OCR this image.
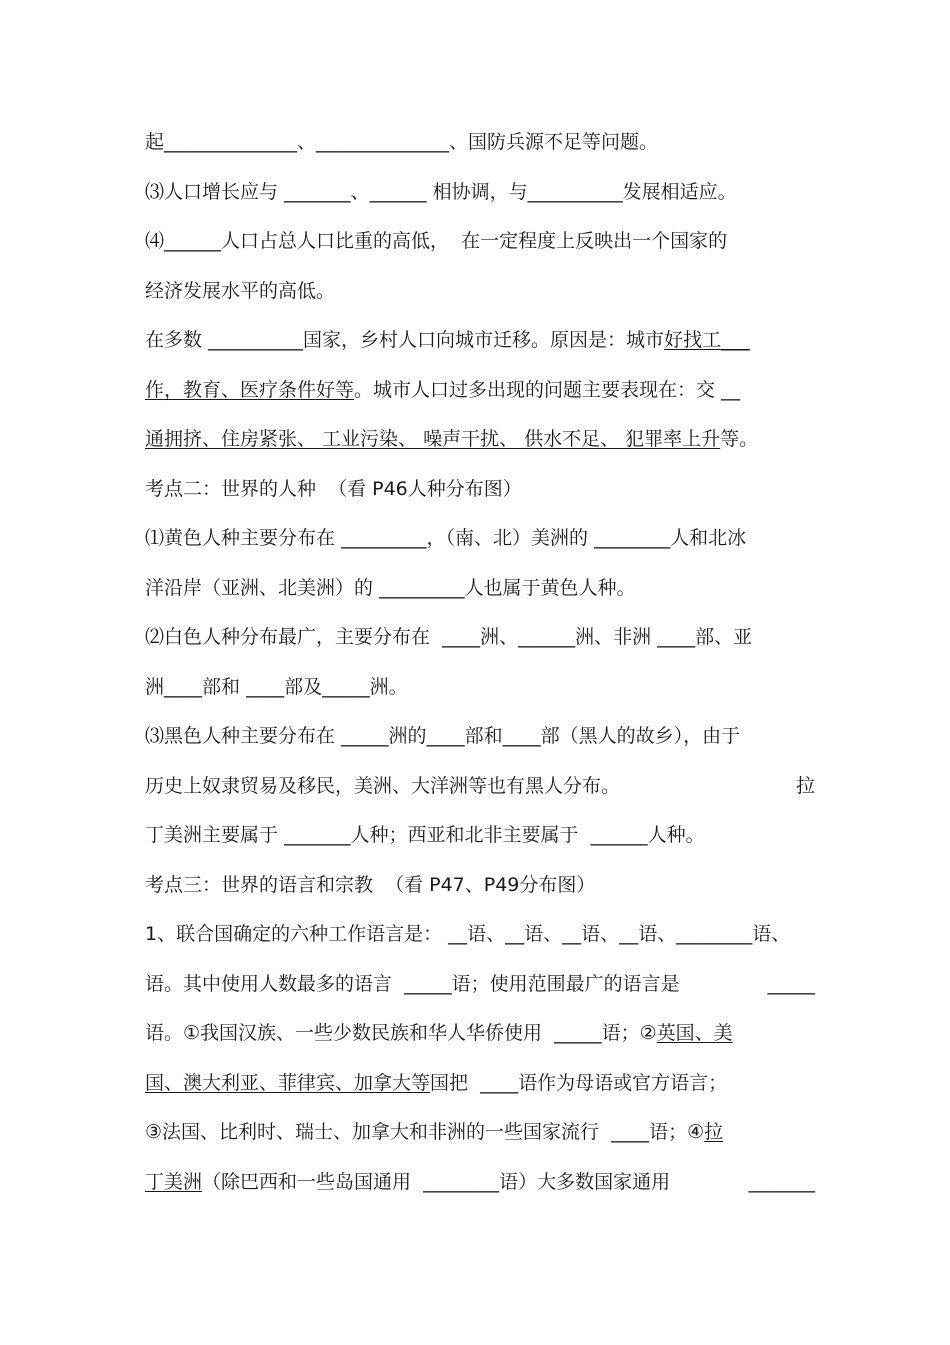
起______________、______________、国防兵源不足等问题。
⑶人口增长应与 _______、______ 相协调，与__________发展相适应。
⑷______人口占总人口比重的高低，  在一定程度上反映出一个国家的
经济发展水平的高低。
在多数 __________国家，乡村人口向城市迁移。原因是：城市好找工___
作，教育、医疗条件好等。城市人口过多出现的问题主要表现在：交 __
通拥挤、住房紧张、 工业污染、 噪声干扰、 供水不足、 犯罪率上升等。
考点二：世界的人种  （看 P46人种分布图）
⑴黄色人种主要分布在 _________，（南、北）美洲的 ________人和北冰
洋沿岸（亚洲、北美洲）的 _________人也属于黄色人种。
⑵白色人种分布最广，主要分布在  ____洲、______洲、非洲 ____部、亚
洲____部和 ____部及_____洲。
⑶黑色人种主要分布在 _____洲的____部和____部（黑人的故乡），由于
历史上奴隶贸易及移民，美洲、大洋洲等也有黑人分布。	拉
丁美洲主要属于 _______人种；西亚和北非主要属于  ______人种。
考点三：世界的语言和宗教  （看 P47、P49分布图）
1、联合国确定的六种工作语言是： __语、__语、__语、__语、________语、
语。其中使用人数最多的语言  _____语；使用范围最广的语言是	_____
语。①我国汉族、一些少数民族和华人华侨使用  _____语；②英国、美
国、澳大利亚、菲律宾、加拿大等国把  ____语作为母语或官方语言；
③法国、比利时、瑞士、加拿大和非洲的一些国家流行  ____语；④拉
丁美洲（除巴西和一些岛国通用  ________语）大多数国家通用	_______
